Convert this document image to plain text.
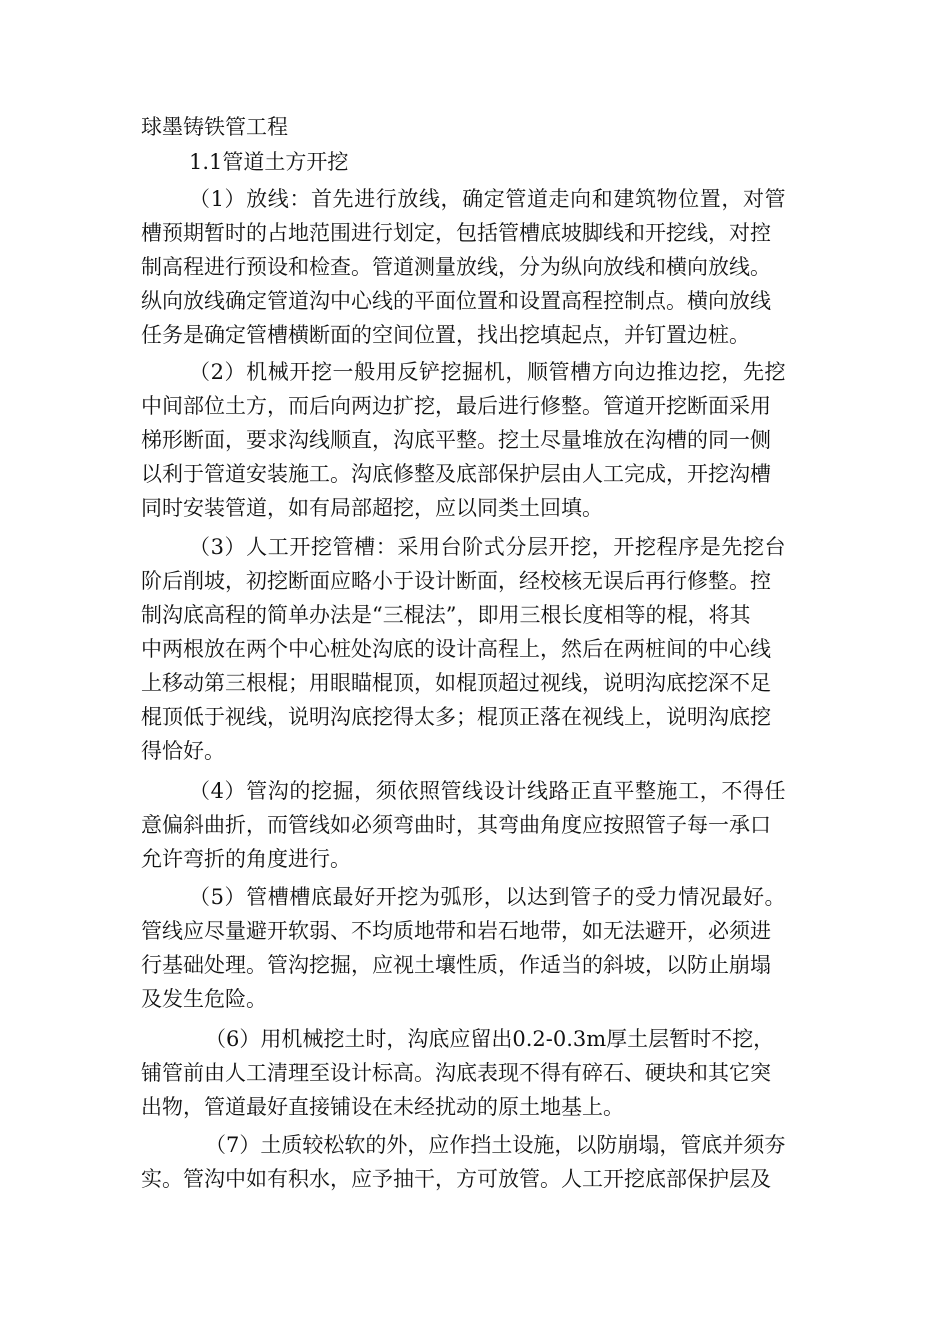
球墨铸铁管工程
1.1管道土方开挖
（1）放线：首先进行放线，确定管道走向和建筑物位置，对管
槽预期暂时的占地范围进行划定，包括管槽底坡脚线和开挖线，对控
制高程进行预设和检查。管道测量放线，分为纵向放线和横向放线。
纵向放线确定管道沟中心线的平面位置和设置高程控制点。横向放线
任务是确定管槽横断面的空间位置，找出挖填起点，并钉置边桩。
（2）机械开挖一般用反铲挖掘机，顺管槽方向边推边挖，先挖
中间部位土方，而后向两边扩挖，最后进行修整。管道开挖断面采用
梯形断面，要求沟线顺直，沟底平整。挖土尽量堆放在沟槽的同一侧
以利于管道安装施工。沟底修整及底部保护层由人工完成，开挖沟槽
同时安装管道，如有局部超挖，应以同类土回填。
（3）人工开挖管槽：采用台阶式分层开挖，开挖程序是先挖台
阶后削坡，初挖断面应略小于设计断面，经校核无误后再行修整。控
制沟底高程的简单办法是“三棍法”，即用三根长度相等的棍，将其
中两根放在两个中心桩处沟底的设计高程上，然后在两桩间的中心线
上移动第三根棍；用眼瞄棍顶，如棍顶超过视线，说明沟底挖深不足
棍顶低于视线，说明沟底挖得太多；棍顶正落在视线上，说明沟底挖
得恰好。
（4）管沟的挖掘，须依照管线设计线路正直平整施工，不得任
意偏斜曲折，而管线如必须弯曲时，其弯曲角度应按照管子每一承口
允许弯折的角度进行。
（5）管槽槽底最好开挖为弧形，以达到管子的受力情况最好。
管线应尽量避开软弱、不均质地带和岩石地带，如无法避开，必须进
行基础处理。管沟挖掘，应视土壤性质，作适当的斜坡，以防止崩塌
及发生危险。
（6）用机械挖土时，沟底应留出0.2-0.3m厚土层暂时不挖，
铺管前由人工清理至设计标高。沟底表现不得有碎石、硬块和其它突
出物，管道最好直接铺设在未经扰动的原土地基上。
（7）土质较松软的外，应作挡土设施，以防崩塌，管底并须夯
实。管沟中如有积水，应予抽干，方可放管。人工开挖底部保护层及
